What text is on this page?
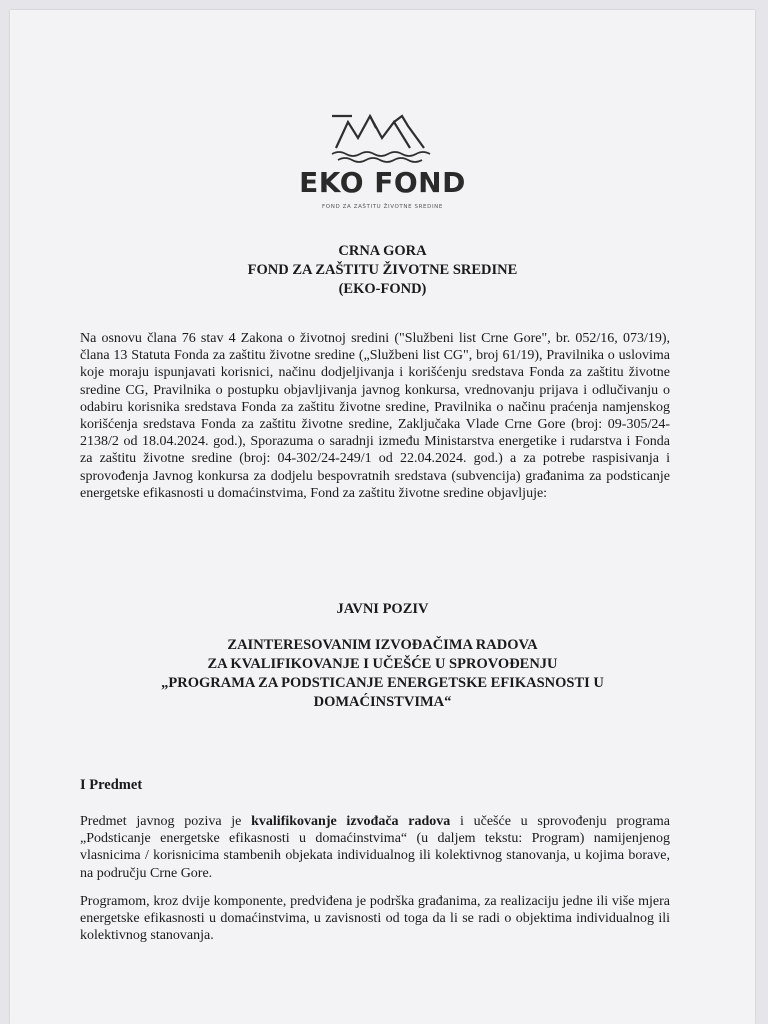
EKO FOND
FOND ZA ZAŠTITU ŽIVOTNE SREDINE
CRNA GORA
FOND ZA ZAŠTITU ŽIVOTNE SREDINE
(EKO-FOND)
Na osnovu člana 76 stav 4 Zakona o životnoj sredini ("Službeni list Crne Gore", br. 052/16, 073/19), člana 13 Statuta Fonda za zaštitu životne sredine („Službeni list CG", broj 61/19), Pravilnika o uslovima koje moraju ispunjavati korisnici, načinu dodjeljivanja i korišćenju sredstava Fonda za zaštitu životne sredine CG, Pravilnika o postupku objavljivanja javnog konkursa, vrednovanju prijava i odlučivanju o odabiru korisnika sredstava Fonda za zaštitu životne sredine, Pravilnika o načinu praćenja namjenskog korišćenja sredstava Fonda za zaštitu životne sredine, Zaključaka Vlade Crne Gore (broj: 09-305/24-2138/2 od 18.04.2024. god.), Sporazuma o saradnji između Ministarstva energetike i rudarstva i Fonda za zaštitu životne sredine (broj: 04-302/24-249/1 od 22.04.2024. god.) a za potrebe raspisivanja i sprovođenja Javnog konkursa za dodjelu bespovratnih sredstava (subvencija) građanima za podsticanje energetske efikasnosti u domaćinstvima, Fond za zaštitu životne sredine objavljuje:
JAVNI POZIV
ZAINTERESOVANIM IZVOĐAČIMA RADOVA
ZA KVALIFIKOVANJE I UČEŠĆE U SPROVOĐENJU
„PROGRAMA ZA PODSTICANJE ENERGETSKE EFIKASNOSTI U
DOMAĆINSTVIMA“
I Predmet
Predmet javnog poziva je kvalifikovanje izvođača radova i učešće u sprovođenju programa „Podsticanje energetske efikasnosti u domaćinstvima“ (u daljem tekstu: Program) namijenjenog vlasnicima / korisnicima stambenih objekata individualnog ili kolektivnog stanovanja, u kojima borave, na području Crne Gore.
Programom, kroz dvije komponente, predviđena je podrška građanima, za realizaciju jedne ili više mjera energetske efikasnosti u domaćinstvima, u zavisnosti od toga da li se radi o objektima individualnog ili kolektivnog stanovanja.
